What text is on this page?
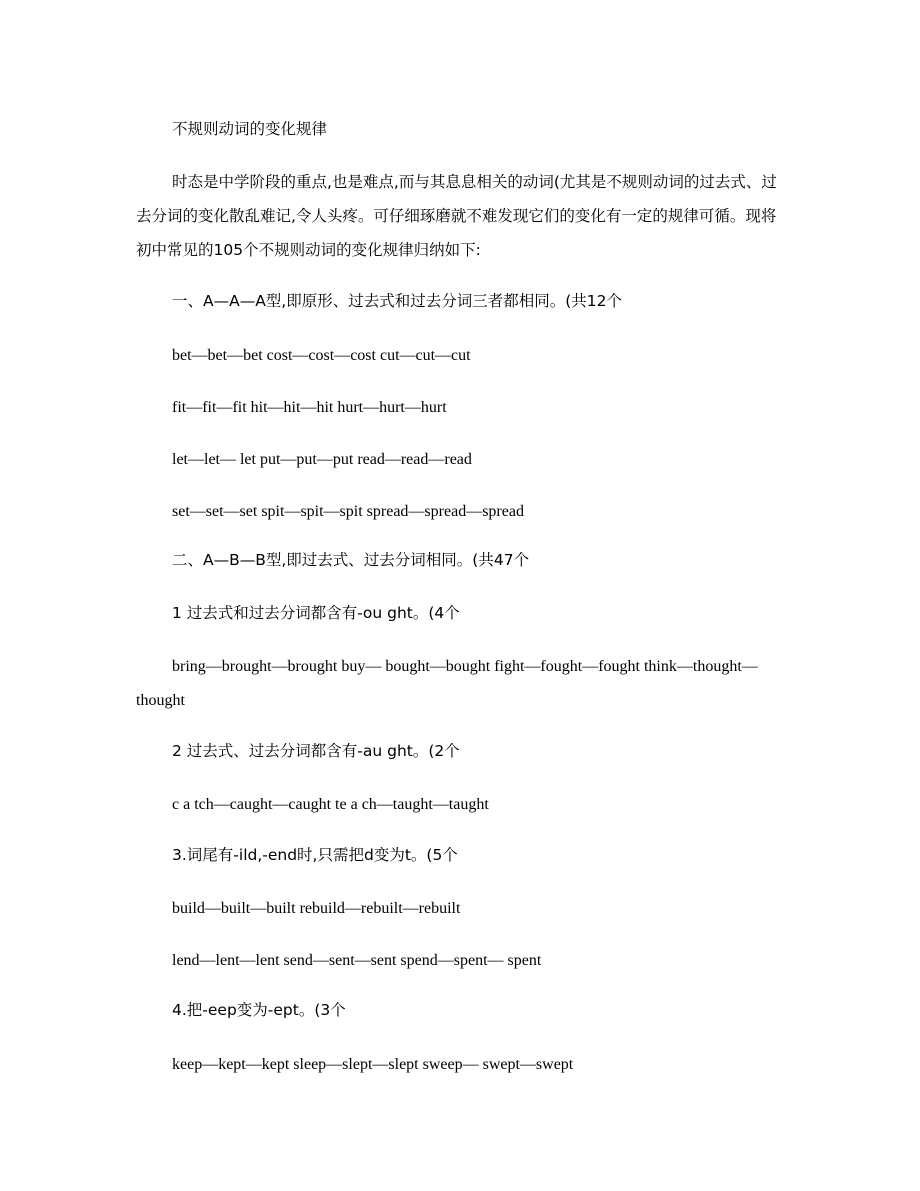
不规则动词的变化规律
时态是中学阶段的重点,也是难点,而与其息息相关的动词(尤其是不规则动词的过去式、过去分词的变化散乱难记,令人头疼。可仔细琢磨就不难发现它们的变化有一定的规律可循。现将初中常见的105个不规则动词的变化规律归纳如下:
一、A—A—A型,即原形、过去式和过去分词三者都相同。(共12个
bet—bet—bet cost—cost—cost cut—cut—cut
fit—fit—fit hit—hit—hit hurt—hurt—hurt
let—let— let put—put—put read—read—read
set—set—set spit—spit—spit spread—spread—spread
二、A—B—B型,即过去式、过去分词相同。(共47个
1 过去式和过去分词都含有-ou ght。(4个
bring—brought—brought buy— bought—bought fight—fought—fought think—thought— thought
2 过去式、过去分词都含有-au ght。(2个
c a tch—caught—caught te a ch—taught—taught
3.词尾有-ild,-end时,只需把d变为t。(5个
build—built—built rebuild—rebuilt—rebuilt
lend—lent—lent send—sent—sent spend—spent— spent
4.把-eep变为-ept。(3个
keep—kept—kept sleep—slept—slept sweep— swept—swept
